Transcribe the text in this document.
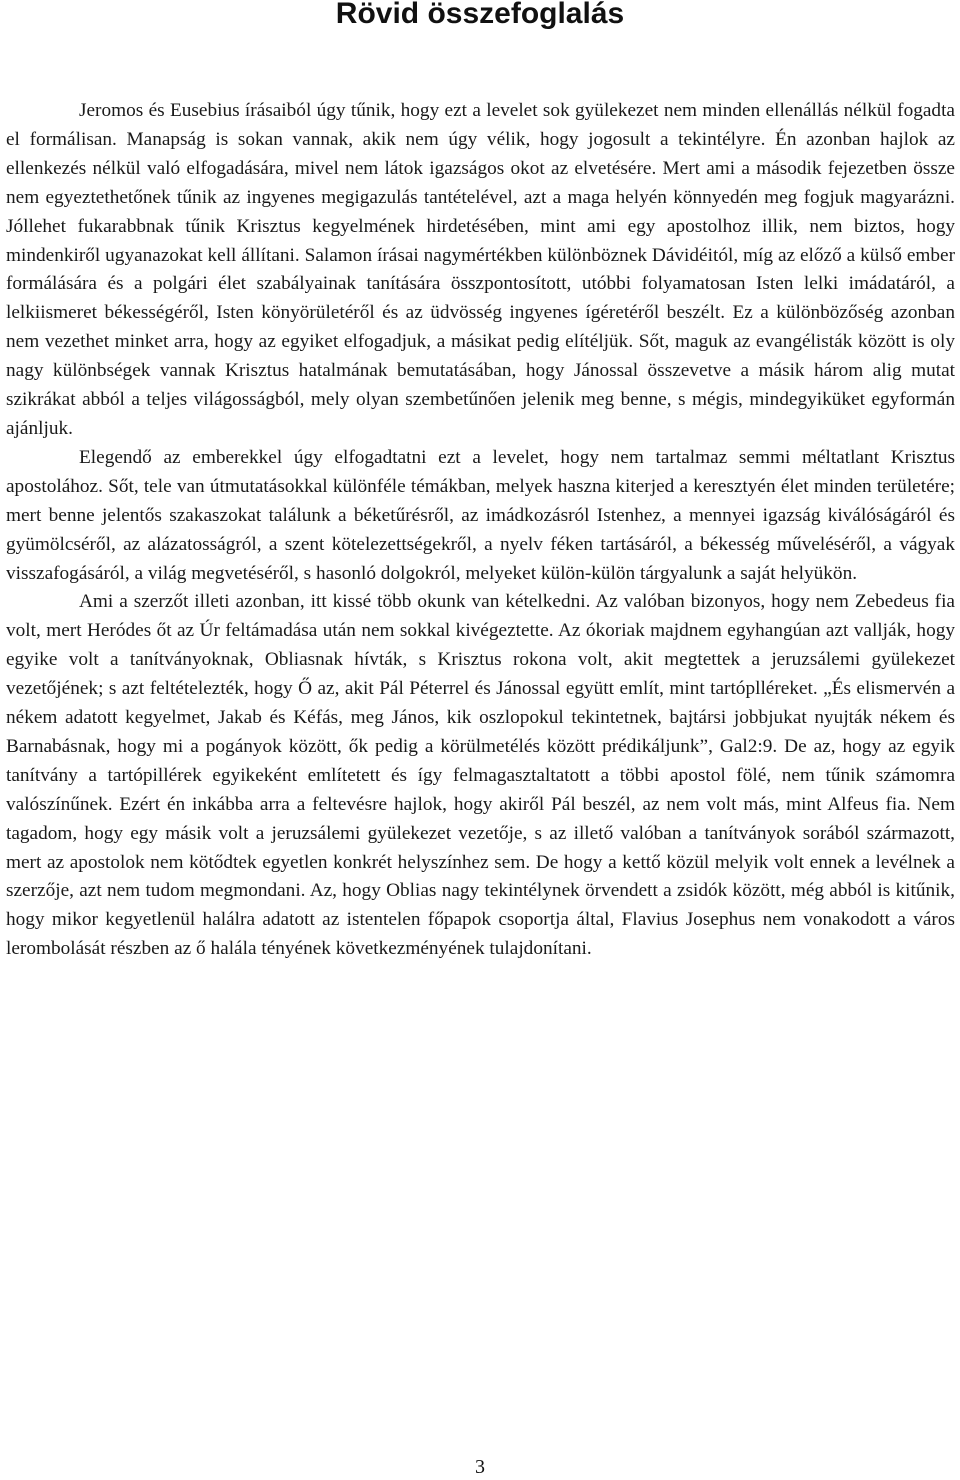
Rövid összefoglalás

Jeromos és Eusebius írásaiból úgy tűnik, hogy ezt a levelet sok gyülekezet nem minden ellenállás nélkül fogadta el formálisan. Manapság is sokan vannak, akik nem úgy vélik, hogy jogosult a tekintélyre. Én azonban hajlok az ellenkezés nélkül való elfogadására, mivel nem látok igazságos okot az elvetésére. Mert ami a második fejezetben össze nem egyeztethetőnek tűnik az ingyenes megigazulás tantételével, azt a maga helyén könnyedén meg fogjuk magyarázni. Jóllehet fukarabbnak tűnik Krisztus kegyelmének hirdetésében, mint ami egy apostolhoz illik, nem biztos, hogy mindenkiről ugyanazokat kell állítani. Salamon írásai nagymértékben különböznek Dávidéitól, míg az előző a külső ember formálására és a polgári élet szabályainak tanítására összpontosított, utóbbi folyamatosan Isten lelki imádatáról, a lelkiismeret békességéről, Isten könyörületéről és az üdvösség ingyenes ígéretéről beszélt. Ez a különbözőség azonban nem vezethet minket arra, hogy az egyiket elfogadjuk, a másikat pedig elítéljük. Sőt, maguk az evangélisták között is oly nagy különbségek vannak Krisztus hatalmának bemutatásában, hogy Jánossal összevetve a másik három alig mutat szikrákat abból a teljes világosságból, mely olyan szembetűnően jelenik meg benne, s mégis, mindegyiküket egyformán ajánljuk.

Elegendő az emberekkel úgy elfogadtatni ezt a levelet, hogy nem tartalmaz semmi méltatlant Krisztus apostolához. Sőt, tele van útmutatásokkal különféle témákban, melyek haszna kiterjed a keresztyén élet minden területére; mert benne jelentős szakaszokat találunk a béketűrésről, az imádkozásról Istenhez, a mennyei igazság kiválóságáról és gyümölcséről, az alázatosságról, a szent kötelezettségekről, a nyelv féken tartásáról, a békesség műveléséről, a vágyak visszafogásáról, a világ megvetéséről, s hasonló dolgokról, melyeket külön-külön tárgyalunk a saját helyükön.

Ami a szerzőt illeti azonban, itt kissé több okunk van kételkedni. Az valóban bizonyos, hogy nem Zebedeus fia volt, mert Heródes őt az Úr feltámadása után nem sokkal kivégeztette. Az ókoriak majdnem egyhangúan azt vallják, hogy egyike volt a tanítványoknak, Obliasnak hívták, s Krisztus rokona volt, akit megtettek a jeruzsálemi gyülekezet vezetőjének; s azt feltételezték, hogy Ő az, akit Pál Péterrel és Jánossal együtt említ, mint tartóplléreket. „És elismervén a nékem adatott kegyelmet, Jakab és Kéfás, meg János, kik oszlopokul tekintetnek, bajtársi jobbjukat nyujták nékem és Barnabásnak, hogy mi a pogányok között, ők pedig a körülmetélés között prédikáljunk”, Gal2:9. De az, hogy az egyik tanítvány a tartópillérek egyikeként említetett és így felmagasztaltatott a többi apostol fölé, nem tűnik számomra valószínűnek. Ezért én inkábba arra a feltevésre hajlok, hogy akiről Pál beszél, az nem volt más, mint Alfeus fia. Nem tagadom, hogy egy másik volt a jeruzsálemi gyülekezet vezetője, s az illető valóban a tanítványok sorából származott, mert az apostolok nem kötődtek egyetlen konkrét helyszínhez sem. De hogy a kettő közül melyik volt ennek a levélnek a szerzője, azt nem tudom megmondani. Az, hogy Oblias nagy tekintélynek örvendett a zsidók között, még abból is kitűnik, hogy mikor kegyetlenül halálra adatott az istentelen főpapok csoportja által, Flavius Josephus nem vonakodott a város lerombolását részben az ő halála tényének következményének tulajdonítani.

3
